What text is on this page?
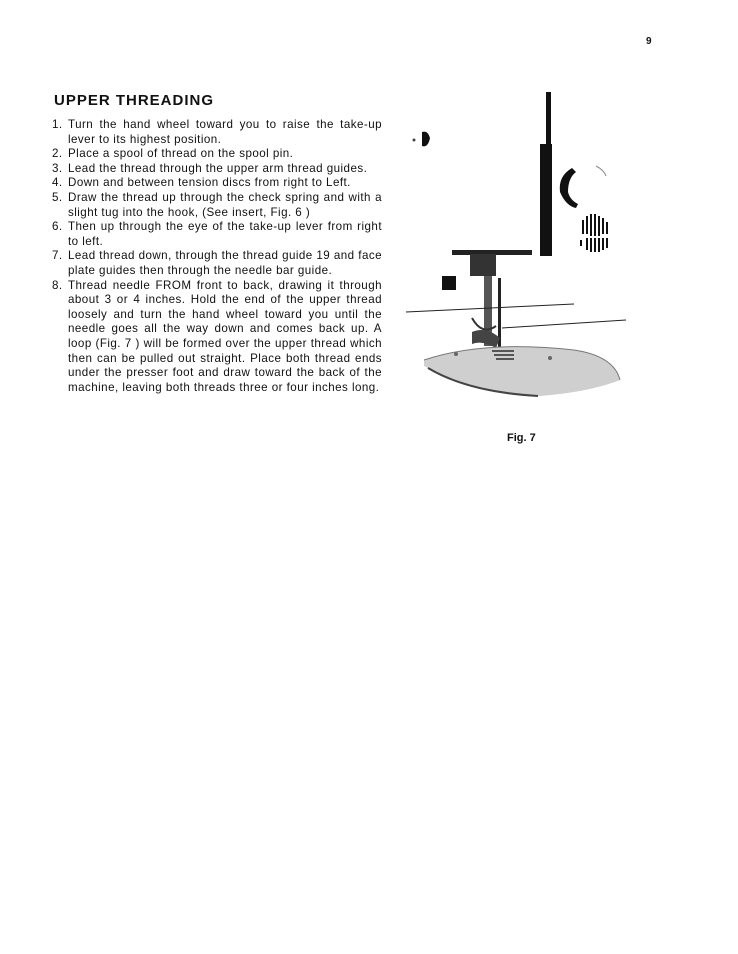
9
UPPER THREADING
1. Turn the hand wheel toward you to raise the take-up lever to its highest position.
2. Place a spool of thread on the spool pin.
3. Lead the thread through the upper arm thread guides.
4. Down and between tension discs from right to Left.
5. Draw the thread up through the check spring and with a slight tug into the hook, (See insert, Fig. 6 )
6. Then up through the eye of the take-up lever from right to left.
7. Lead thread down, through the thread guide 19 and face plate guides then through the needle bar guide.
8. Thread needle FROM front to back, drawing it through about 3 or 4 inches. Hold the end of the upper thread loosely and turn the hand wheel toward you until the needle goes all the way down and comes back up. A loop (Fig. 7 ) will be formed over the upper thread which then can be pulled out straight. Place both thread ends under the presser foot and draw toward the back of the machine, leaving both threads three or four inches long.
Fig. 7
